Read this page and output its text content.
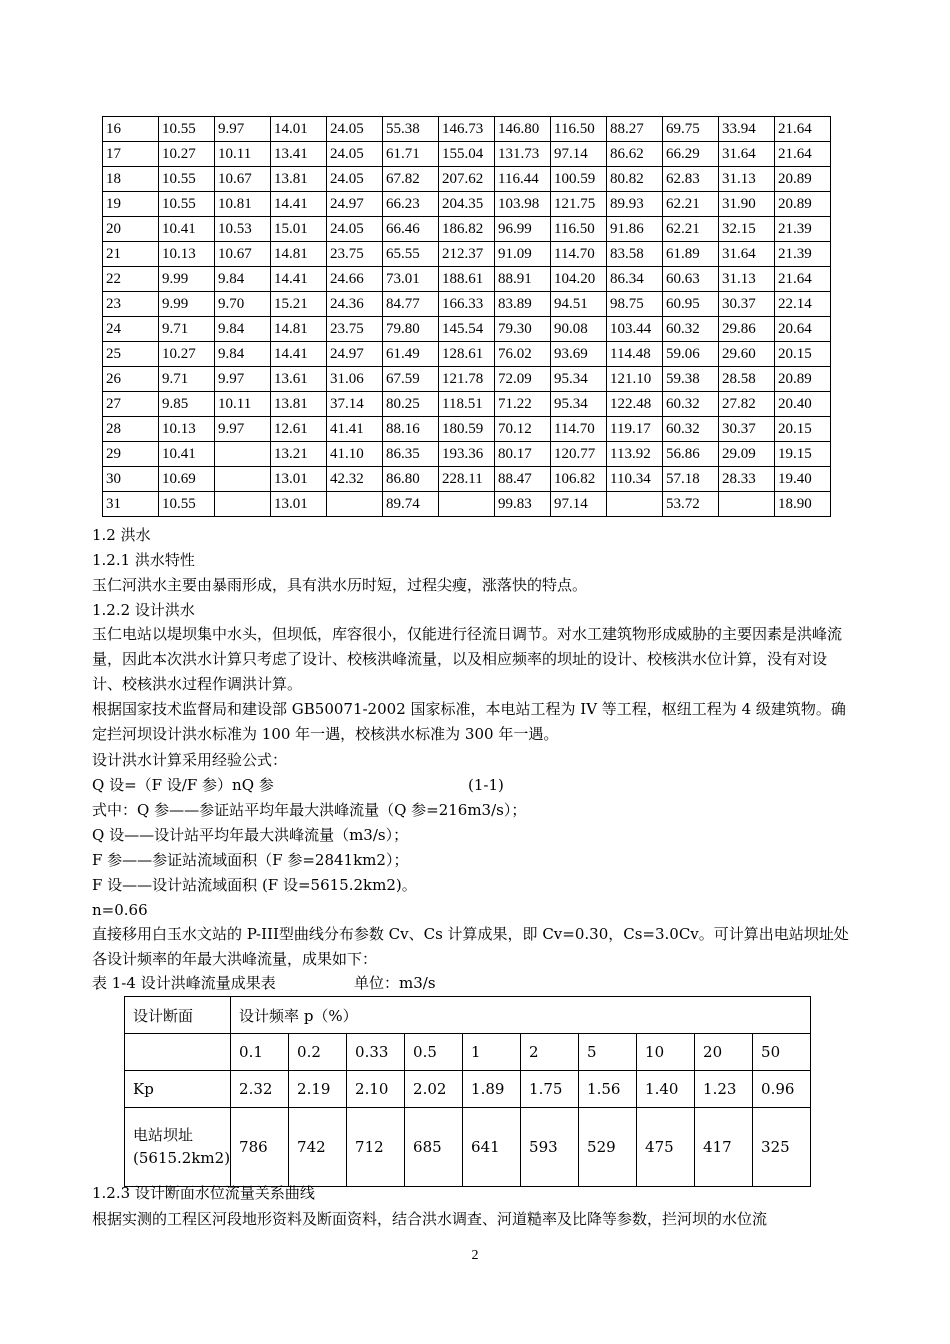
16	10.55	9.97	14.01	24.05	55.38	146.73	146.80	116.50	88.27	69.75	33.94	21.64
17	10.27	10.11	13.41	24.05	61.71	155.04	131.73	97.14	86.62	66.29	31.64	21.64
18	10.55	10.67	13.81	24.05	67.82	207.62	116.44	100.59	80.82	62.83	31.13	20.89
19	10.55	10.81	14.41	24.97	66.23	204.35	103.98	121.75	89.93	62.21	31.90	20.89
20	10.41	10.53	15.01	24.05	66.46	186.82	96.99	116.50	91.86	62.21	32.15	21.39
21	10.13	10.67	14.81	23.75	65.55	212.37	91.09	114.70	83.58	61.89	31.64	21.39
22	9.99	9.84	14.41	24.66	73.01	188.61	88.91	104.20	86.34	60.63	31.13	21.64
23	9.99	9.70	15.21	24.36	84.77	166.33	83.89	94.51	98.75	60.95	30.37	22.14
24	9.71	9.84	14.81	23.75	79.80	145.54	79.30	90.08	103.44	60.32	29.86	20.64
25	10.27	9.84	14.41	24.97	61.49	128.61	76.02	93.69	114.48	59.06	29.60	20.15
26	9.71	9.97	13.61	31.06	67.59	121.78	72.09	95.34	121.10	59.38	28.58	20.89
27	9.85	10.11	13.81	37.14	80.25	118.51	71.22	95.34	122.48	60.32	27.82	20.40
28	10.13	9.97	12.61	41.41	88.16	180.59	70.12	114.70	119.17	60.32	30.37	20.15
29	10.41		13.21	41.10	86.35	193.36	80.17	120.77	113.92	56.86	29.09	19.15
30	10.69		13.01	42.32	86.80	228.11	88.47	106.82	110.34	57.18	28.33	19.40
31	10.55		13.01		89.74		99.83	97.14		53.72		18.90
1.2 洪水
1.2.1 洪水特性
玉仁河洪水主要由暴雨形成，具有洪水历时短，过程尖瘦，涨落快的特点。
1.2.2 设计洪水
玉仁电站以堤坝集中水头，但坝低，库容很小，仅能进行径流日调节。对水工建筑物形成威胁的主要因素是洪峰流量，因此本次洪水计算只考虑了设计、校核洪峰流量，以及相应频率的坝址的设计、校核洪水位计算，没有对设计、校核洪水过程作调洪计算。
根据国家技术监督局和建设部 GB50071-2002 国家标准，本电站工程为 IV 等工程，枢纽工程为 4 级建筑物。确定拦河坝设计洪水标准为 100 年一遇，校核洪水标准为 300 年一遇。
设计洪水计算采用经验公式：
Q 设=（F 设/F 参）nQ 参	(1-1)
式中：Q 参——参证站平均年最大洪峰流量（Q 参=216m3/s）；
Q 设——设计站平均年最大洪峰流量（m3/s）；
F 参——参证站流域面积（F 参=2841km2）；
F 设——设计站流域面积 (F 设=5615.2km2)。
n=0.66
直接移用白玉水文站的 P-III型曲线分布参数 Cv、Cs 计算成果，即 Cv=0.30，Cs=3.0Cv。可计算出电站坝址处各设计频率的年最大洪峰流量，成果如下：
表 1-4 设计洪峰流量成果表	单位：m3/s
设计断面	设计频率 p（%）									
	0.1	0.2	0.33	0.5	1	2	5	10	20	50
Kp	2.32	2.19	2.10	2.02	1.89	1.75	1.56	1.40	1.23	0.96
电站坝址 (5615.2km2)	786	742	712	685	641	593	529	475	417	325
1.2.3 设计断面水位流量关系曲线
根据实测的工程区河段地形资料及断面资料，结合洪水调查、河道糙率及比降等参数，拦河坝的水位流
2
